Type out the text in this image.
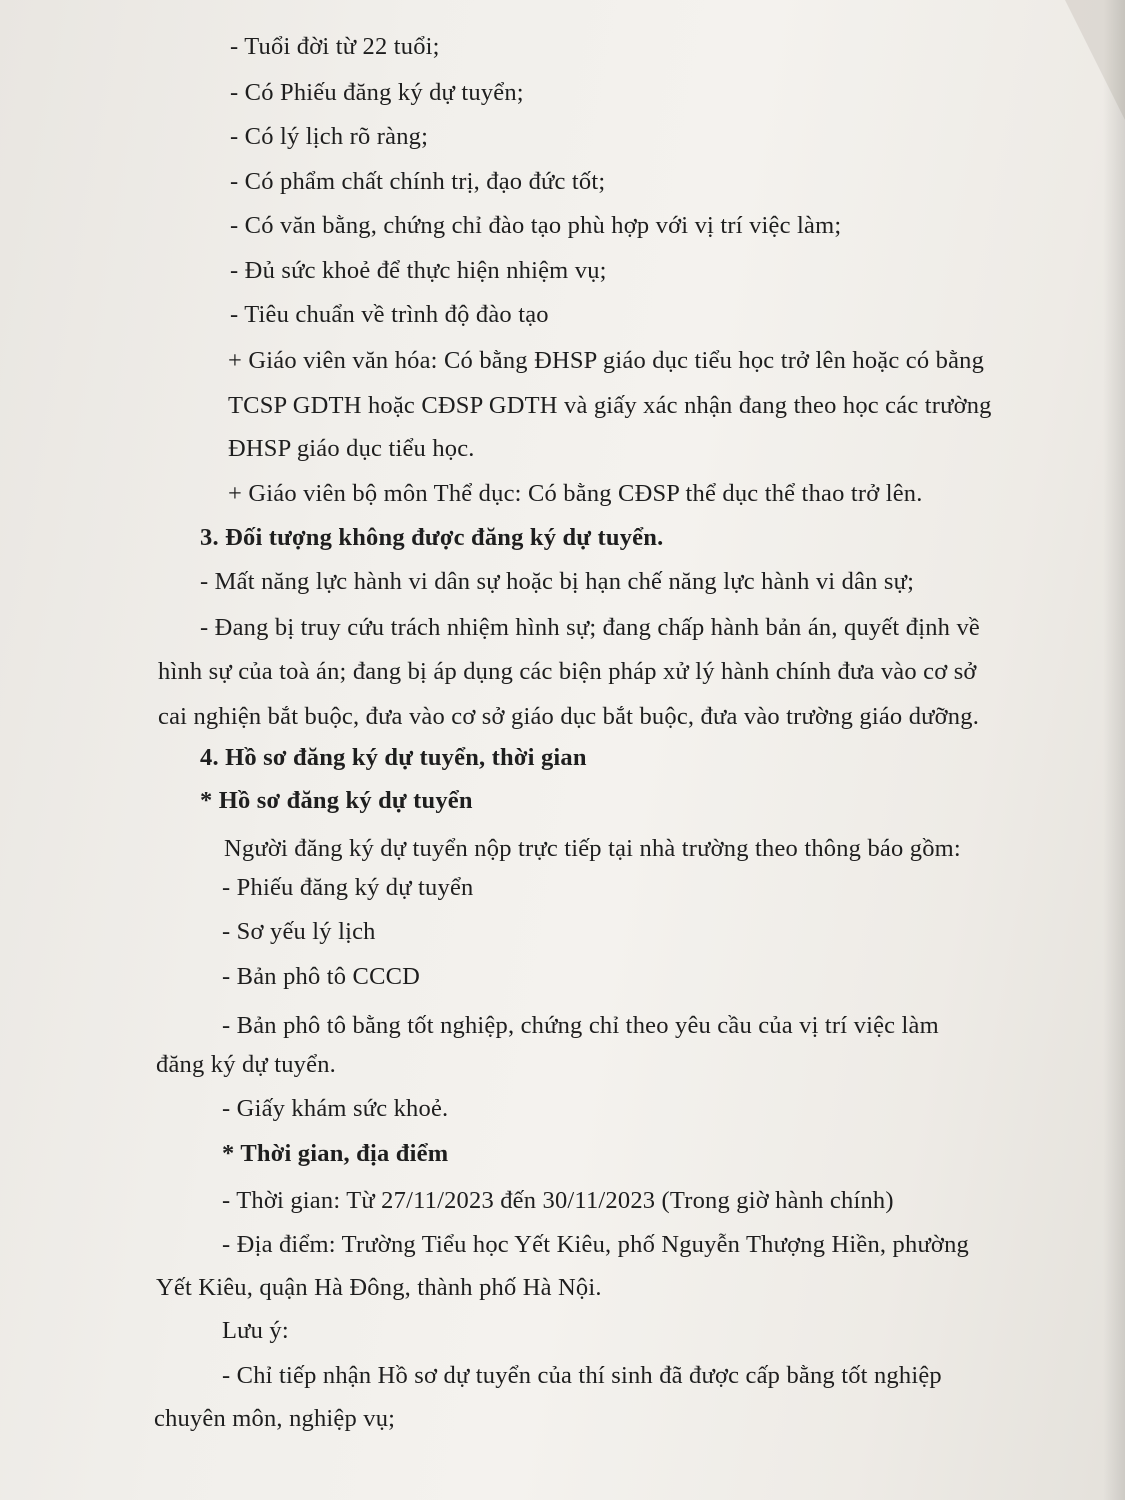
- Tuổi đời từ 22 tuổi;
- Có Phiếu đăng ký dự tuyển;
- Có lý lịch rõ ràng;
- Có phẩm chất chính trị, đạo đức tốt;
- Có văn bằng, chứng chỉ đào tạo phù hợp với vị trí việc làm;
- Đủ sức khoẻ để thực hiện nhiệm vụ;
- Tiêu chuẩn về trình độ đào tạo
+ Giáo viên văn hóa: Có bằng ĐHSP giáo dục tiểu học trở lên hoặc có bằng
TCSP GDTH hoặc CĐSP GDTH và giấy xác nhận đang theo học các trường
ĐHSP giáo dục tiểu học.
+ Giáo viên bộ môn Thể dục: Có bằng CĐSP thể dục thể thao trở lên.
3. Đối tượng không được đăng ký dự tuyển.
- Mất năng lực hành vi dân sự hoặc bị hạn chế năng lực hành vi dân sự;
- Đang bị truy cứu trách nhiệm hình sự; đang chấp hành bản án, quyết định về
hình sự của toà án; đang bị áp dụng các biện pháp xử lý hành chính đưa vào cơ sở
cai nghiện bắt buộc, đưa vào cơ sở giáo dục bắt buộc, đưa vào trường giáo dưỡng.
4. Hồ sơ đăng ký dự tuyển, thời gian
* Hồ sơ đăng ký dự tuyển
Người đăng ký dự tuyển nộp trực tiếp tại nhà trường theo thông báo gồm:
- Phiếu đăng ký dự tuyển
- Sơ yếu lý lịch
- Bản phô tô CCCD
- Bản phô tô bằng tốt nghiệp, chứng chỉ theo yêu cầu của vị trí việc làm
đăng ký dự tuyển.
- Giấy khám sức khoẻ.
* Thời gian, địa điểm
- Thời gian: Từ 27/11/2023 đến 30/11/2023 (Trong giờ hành chính)
- Địa điểm: Trường Tiểu học Yết Kiêu, phố Nguyễn Thượng Hiền, phường
Yết Kiêu, quận Hà Đông, thành phố Hà Nội.
Lưu ý:
- Chỉ tiếp nhận Hồ sơ dự tuyển của thí sinh đã được cấp bằng tốt nghiệp
chuyên môn, nghiệp vụ;
